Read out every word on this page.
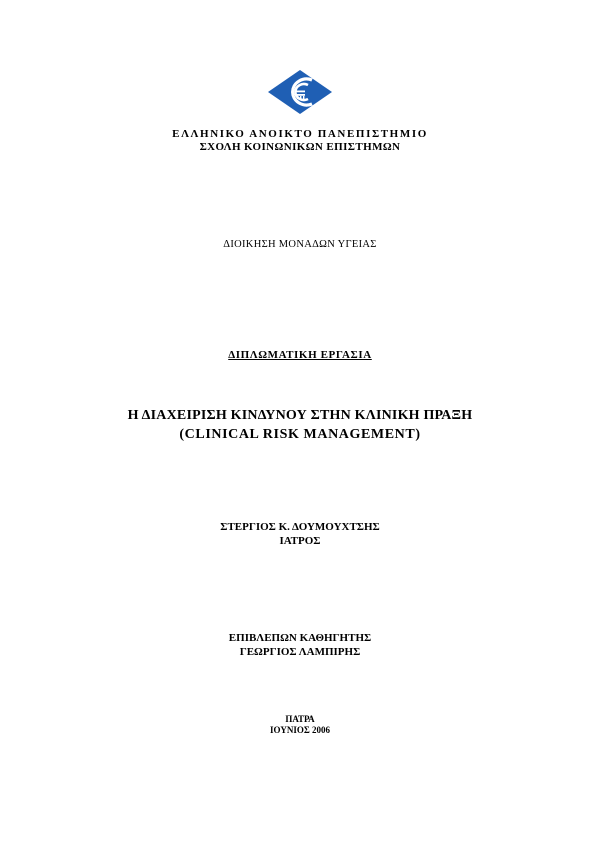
ΕΛΛΗΝΙΚΟ ΑΝΟΙΚΤΟ ΠΑΝΕΠΙΣΤΗΜΙΟ
ΣΧΟΛΗ ΚΟΙΝΩΝΙΚΩΝ ΕΠΙΣΤΗΜΩΝ
ΔΙΟΙΚΗΣΗ ΜΟΝΑΔΩΝ ΥΓΕΙΑΣ
ΔΙΠΛΩΜΑΤΙΚΗ ΕΡΓΑΣΙΑ
Η ΔΙΑΧΕΙΡΙΣΗ ΚΙΝΔΥΝΟΥ ΣΤΗΝ ΚΛΙΝΙΚΗ ΠΡΑΞΗ
(CLINICAL RISK MANAGEMENT)
ΣΤΕΡΓΙΟΣ Κ. ΔΟΥΜΟΥΧΤΣΗΣ
ΙΑΤΡΟΣ
ΕΠΙΒΛΕΠΩΝ ΚΑΘΗΓΗΤΗΣ
ΓΕΩΡΓΙΟΣ ΛΑΜΠΙΡΗΣ
ΠΑΤΡΑ
ΙΟΥΝΙΟΣ 2006
